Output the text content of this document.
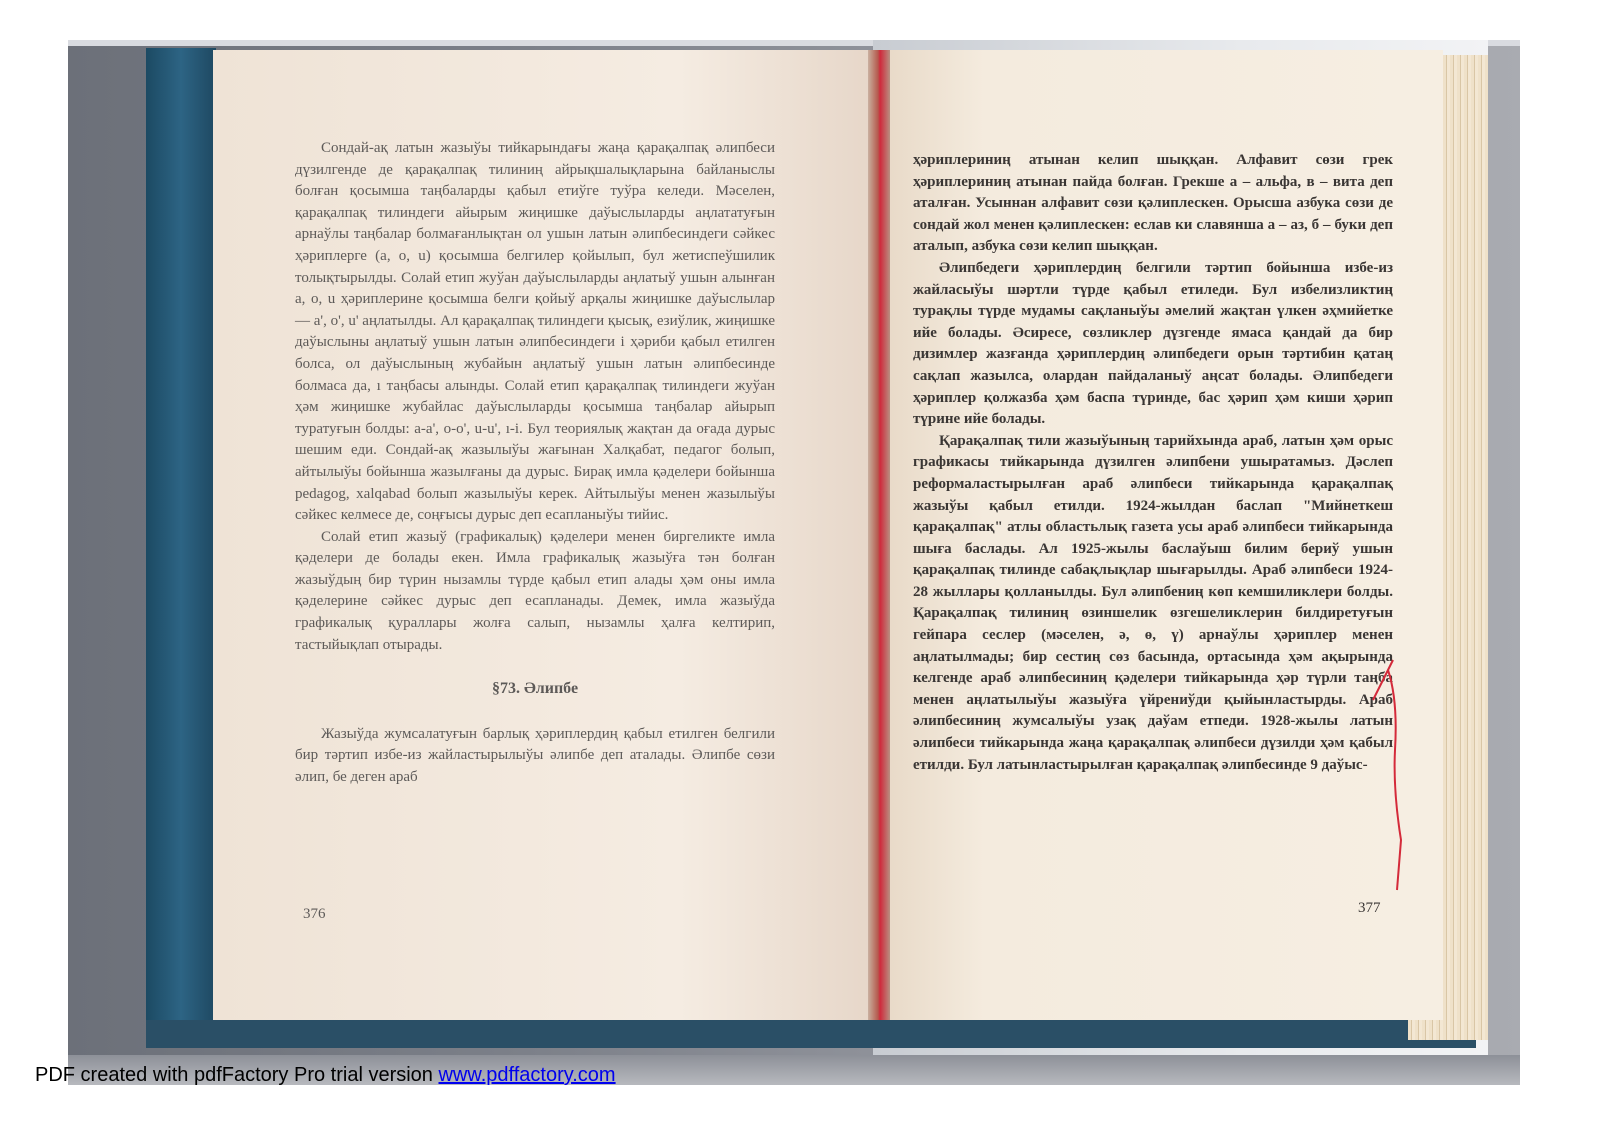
Сондай-ақ латын жазыўы тийкарындағы жаңа қарақалпақ әлипбеси дүзилгенде де қарақалпақ тилиниң айрықшалықларына байланыслы болған қосымша таңбаларды қабыл етиўге туўра келеди. Мәселен, қарақалпақ тилиндеги айырым жиңишке даўыслыларды аңлататуғын арнаўлы таңбалар болмағанлықтан ол ушын латын әлипбесиндеги сәйкес ҳәриплерге (a, o, u) қосымша белгилер қойылып, бул жетиспеўшилик толықтырылды. Солай етип жуўан даўыслыларды аңлатыў ушын алынған a, o, u ҳәриплерине қосымша белги қойыў арқалы жиңишке даўыслылар — a', o', u' аңлатылды. Ал қарақалпақ тилиндеги қысық, езиўлик, жиңишке даўыслыны аңлатыў ушын латын әлипбесиндеги i ҳәриби қабыл етилген болса, ол даўыслының жубайын аңлатыў ушын латын әлипбесинде болмаса да, ı таңбасы алынды. Солай етип қарақалпақ тилиндеги жуўан ҳәм жиңишке жубайлас даўыслыларды қосымша таңбалар айырып туратуғын болды: a-a', o-o', u-u', ı-i. Бул теориялық жақтан да оғада дурыс шешим еди. Сондай-ақ жазылыўы жағынан Халқабат, педагог болып, айтылыўы бойынша жазылғаны да дурыс. Бирақ имла қәделери бойынша pedagog, xalqabad болып жазылыўы керек. Айтылыўы менен жазылыўы сәйкес келмесе де, соңғысы дурыс деп есапланыўы тийис.

Солай етип жазыў (графикалық) қәделери менен биргеликте имла қәделери де болады екен. Имла графикалық жазыўға тән болған жазыўдың бир түрин нызамлы түрде қабыл етип алады ҳәм оны имла қәделерине сәйкес дурыс деп есапланады. Демек, имла жазыўда графикалық қураллары жолға салып, нызамлы ҳалға келтирип, тастыйықлап отырады.

§73. Әлипбе

Жазыўда жумсалатуғын барлық ҳәриплердиң қабыл етилген белгили бир тәртип избе-из жайластырылыўы әлипбе деп аталады. Әлипбе сөзи әлип, бе деген араб

376

ҳәриплериниң атынан келип шыққан. Алфавит сөзи грек ҳәриплериниң атынан пайда болған. Грекше а – альфа, в – вита деп аталған. Усыннан алфавит сөзи қәлиплескен. Орысша азбука сөзи де сондай жол менен қәлиплескен: еслав ки славянша а – аз, б – буки деп аталып, азбука сөзи келип шыққан.

Әлипбедеги ҳәриплердиң белгили тәртип бойынша избе-из жайласыўы шәртли түрде қабыл етиледи. Бул избелизликтиң турақлы түрде мудамы сақланыўы әмелий жақтан үлкен әҳмийетке ийе болады. Әсиресе, сөзликлер дүзгенде ямаса қандай да бир дизимлер жазғанда ҳәриплердиң әлипбедеги орын тәртибин қатаң сақлап жазылса, олардан пайдаланыў аңсат болады. Әлипбедеги ҳәриплер қолжазба ҳәм баспа түринде, бас ҳәрип ҳәм киши ҳәрип түрине ийе болады.

Қарақалпақ тили жазыўының тарийхында араб, латын ҳәм орыс графикасы тийкарында дүзилген әлипбени ушыратамыз. Дәслеп реформаластырылған араб әлипбеси тийкарында қарақалпақ жазыўы қабыл етилди. 1924-жылдан баслап "Мийнеткеш қарақалпақ" атлы областьлық газета усы араб әлипбеси тийкарында шыға баслады. Ал 1925-жылы баслаўыш билим бериў ушын қарақалпақ тилинде сабақлықлар шығарылды. Араб әлипбеси 1924-28 жыллары қолланылды. Бул әлипбениң көп кемшиликлери болды. Қарақалпақ тилиниң өзиншелик өзгешеликлерин билдиретуғын гейпара сеслер (мәселен, ә, ө, ү) арнаўлы ҳәриплер менен аңлатылмады; бир сестиң сөз басында, ортасында ҳәм ақырында келгенде араб әлипбесиниң қәделери тийкарында ҳәр түрли таңба менен аңлатылыўы жазыўға үйрениўди қыйынластырды. Араб әлипбесиниң жумсалыўы узақ даўам етпеди. 1928-жылы латын әлипбеси тийкарында жаңа қарақалпақ әлипбеси дүзилди ҳәм қабыл етилди. Бул латынластырылған қарақалпақ әлипбесинде 9 даўыс-

377
PDF created with pdfFactory Pro trial version www.pdffactory.com
